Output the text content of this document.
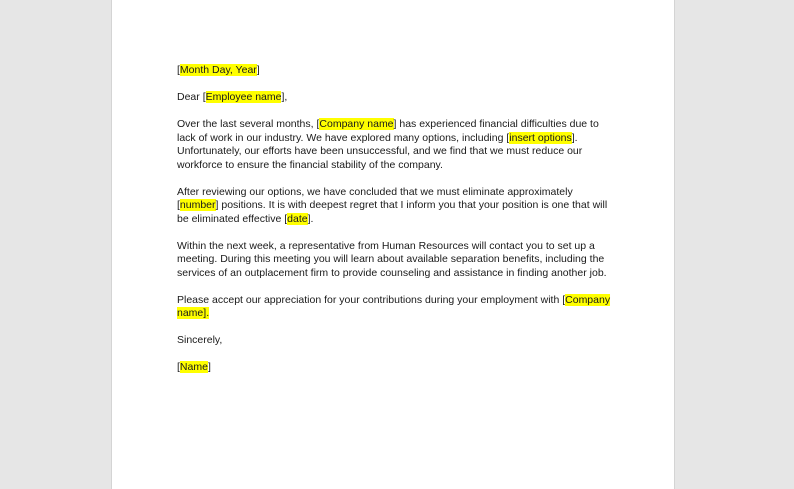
[Month Day, Year]

Dear [Employee name],

Over the last several months, [Company name] has experienced financial difficulties due to lack of work in our industry. We have explored many options, including [insert options]. Unfortunately, our efforts have been unsuccessful, and we find that we must reduce our workforce to ensure the financial stability of the company.

After reviewing our options, we have concluded that we must eliminate approximately [number] positions. It is with deepest regret that I inform you that your position is one that will be eliminated effective [date].

Within the next week, a representative from Human Resources will contact you to set up a meeting. During this meeting you will learn about available separation benefits, including the services of an outplacement firm to provide counseling and assistance in finding another job.

Please accept our appreciation for your contributions during your employment with [Company name].

Sincerely,

[Name]
